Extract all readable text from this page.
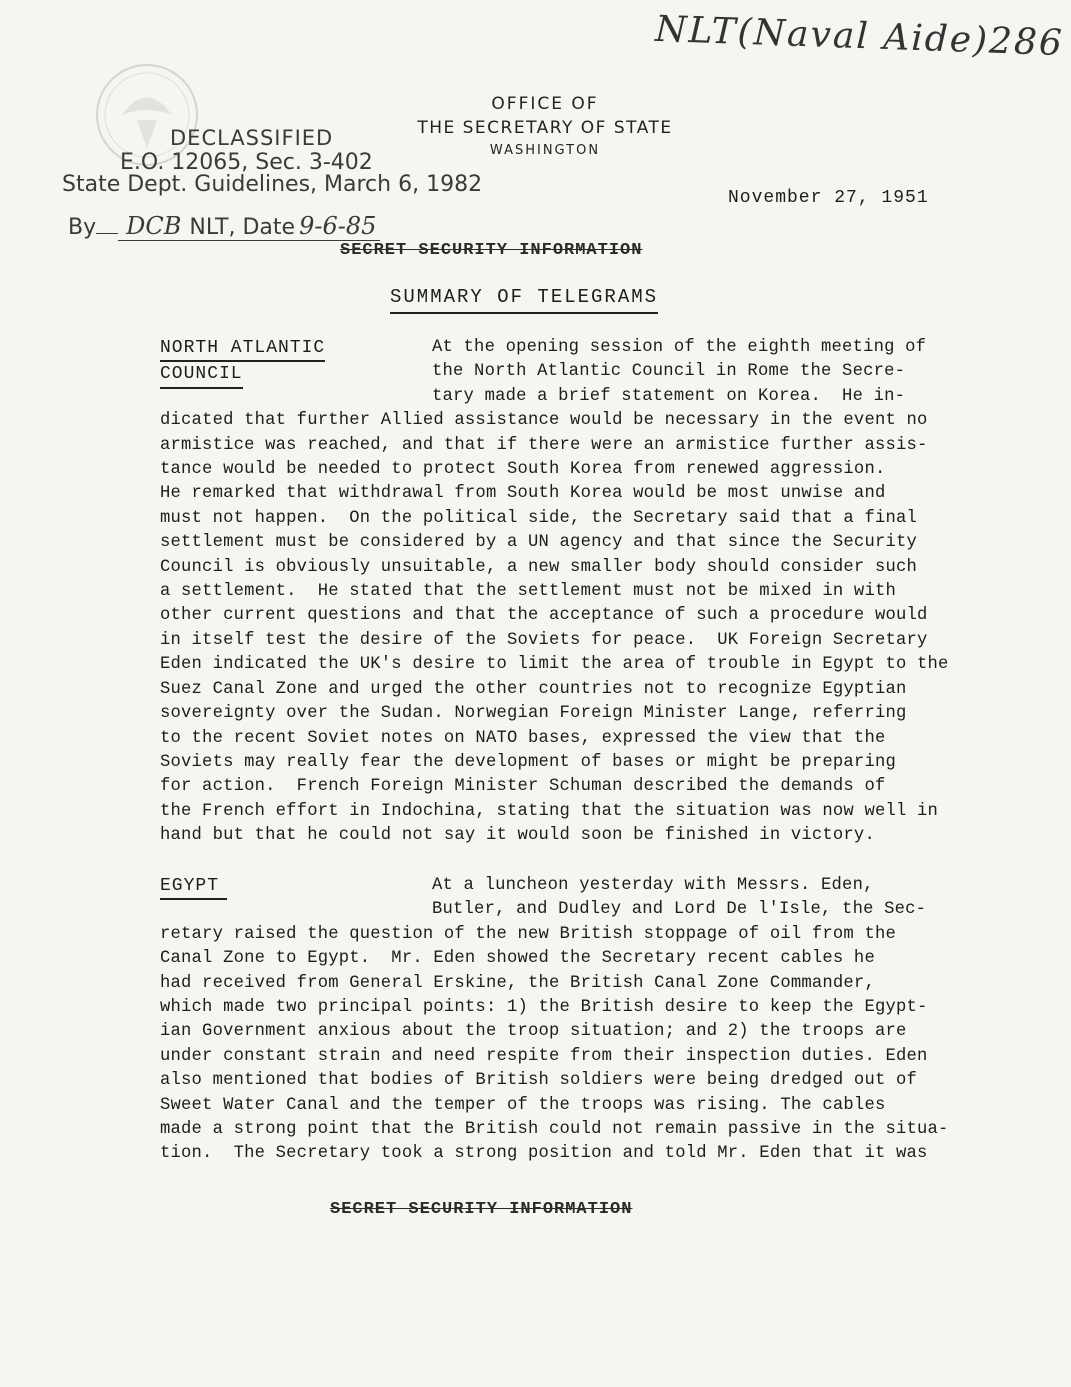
NLT(Naval Aide)286
DECLASSIFIED
E.O. 12065, Sec. 3-402
State Dept. Guidelines, March 6, 1982
By DCB NLT, Date 9-6-85
OFFICE OF
THE SECRETARY OF STATE
WASHINGTON
November 27, 1951
SECRET SECURITY INFORMATION
SUMMARY OF TELEGRAMS
NORTH ATLANTIC
COUNCIL

At the opening session of the eighth meeting of

the North Atlantic Council in Rome the Secre-

tary made a brief statement on Korea.  He in-

dicated that further Allied assistance would be necessary in the event no

armistice was reached, and that if there were an armistice further assis-

tance would be needed to protect South Korea from renewed aggression.

He remarked that withdrawal from South Korea would be most unwise and

must not happen.  On the political side, the Secretary said that a final

settlement must be considered by a UN agency and that since the Security

Council is obviously unsuitable, a new smaller body should consider such

a settlement.  He stated that the settlement must not be mixed in with

other current questions and that the acceptance of such a procedure would

in itself test the desire of the Soviets for peace.  UK Foreign Secretary

Eden indicated the UK's desire to limit the area of trouble in Egypt to the

Suez Canal Zone and urged the other countries not to recognize Egyptian

sovereignty over the Sudan. Norwegian Foreign Minister Lange, referring

to the recent Soviet notes on NATO bases, expressed the view that the

Soviets may really fear the development of bases or might be preparing

for action.  French Foreign Minister Schuman described the demands of

the French effort in Indochina, stating that the situation was now well in

hand but that he could not say it would soon be finished in victory.

EGYPT	At a luncheon yesterday with Messrs. Eden,

Butler, and Dudley and Lord De l'Isle, the Sec-

retary raised the question of the new British stoppage of oil from the

Canal Zone to Egypt.  Mr. Eden showed the Secretary recent cables he

had received from General Erskine, the British Canal Zone Commander,

which made two principal points: 1) the British desire to keep the Egypt-

ian Government anxious about the troop situation; and 2) the troops are

under constant strain and need respite from their inspection duties. Eden

also mentioned that bodies of British soldiers were being dredged out of

Sweet Water Canal and the temper of the troops was rising. The cables

made a strong point that the British could not remain passive in the situa-

tion.  The Secretary took a strong position and told Mr. Eden that it was

SECRET SECURITY INFORMATION
